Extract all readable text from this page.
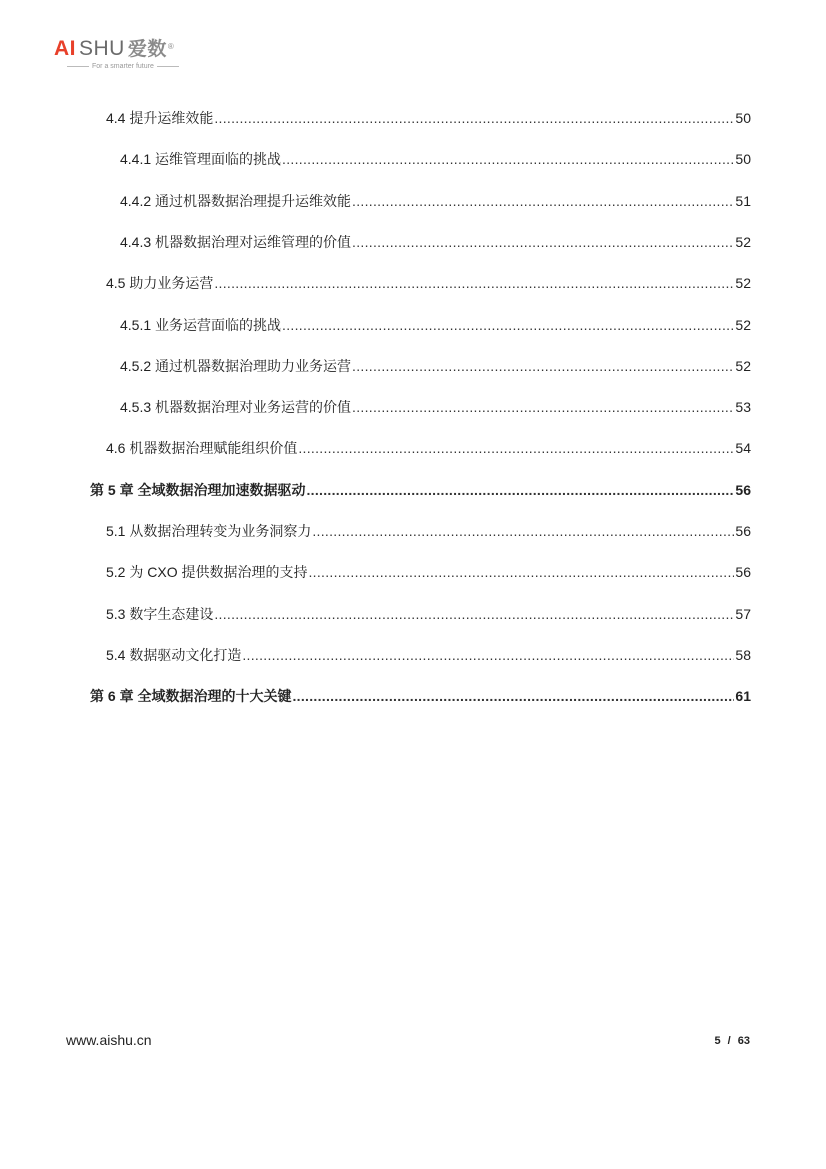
AI SHU 爱数®
For a smarter future
4.4 提升运维效能 .....	50
4.4.1 运维管理面临的挑战 .....	50
4.4.2 通过机器数据治理提升运维效能 .....	51
4.4.3 机器数据治理对运维管理的价值 .....	52
4.5 助力业务运营 .....	52
4.5.1 业务运营面临的挑战 .....	52
4.5.2 通过机器数据治理助力业务运营 .....	52
4.5.3 机器数据治理对业务运营的价值 .....	53
4.6 机器数据治理赋能组织价值 .....	54
第 5 章 全域数据治理加速数据驱动 .....	56
5.1 从数据治理转变为业务洞察力 .....	56
5.2 为 CXO 提供数据治理的支持 .....	56
5.3 数字生态建设 .....	57
5.4 数据驱动文化打造 .....	58
第 6 章 全域数据治理的十大关键 .....	61
www.aishu.cn	5 / 63
